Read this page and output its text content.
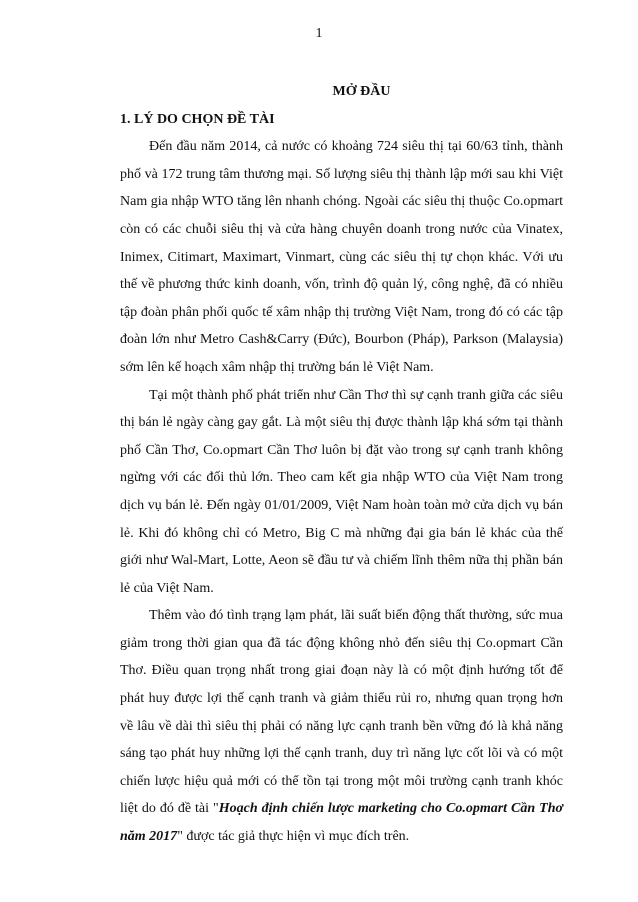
1

MỞ ĐẦU

1. LÝ DO CHỌN ĐỀ TÀI

Đến đầu năm 2014, cả nước có khoảng 724 siêu thị tại 60/63 tỉnh, thành phố và 172 trung tâm thương mại. Số lượng siêu thị thành lập mới sau khi Việt Nam gia nhập WTO tăng lên nhanh chóng. Ngoài các siêu thị thuộc Co.opmart còn có các chuỗi siêu thị và cửa hàng chuyên doanh trong nước của Vinatex, Inimex, Citimart, Maximart, Vinmart, cùng các siêu thị tự chọn khác. Với ưu thế về phương thức kinh doanh, vốn, trình độ quản lý, công nghệ, đã có nhiều tập đoàn phân phối quốc tế xâm nhập thị trường Việt Nam, trong đó có các tập đoàn lớn như Metro Cash&Carry (Đức), Bourbon (Pháp), Parkson (Malaysia) sớm lên kế hoạch xâm nhập thị trường bán lẻ Việt Nam.

Tại một thành phố phát triển như Cần Thơ thì sự cạnh tranh giữa các siêu thị bán lẻ ngày càng gay gắt. Là một siêu thị được thành lập khá sớm tại thành phố Cần Thơ, Co.opmart Cần Thơ luôn bị đặt vào trong sự cạnh tranh không ngừng với các đối thủ lớn. Theo cam kết gia nhập WTO của Việt Nam trong dịch vụ bán lẻ. Đến ngày 01/01/2009, Việt Nam hoàn toàn mở cửa dịch vụ bán lẻ. Khi đó không chỉ có Metro, Big C mà những đại gia bán lẻ khác của thế giới như Wal-Mart, Lotte, Aeon sẽ đầu tư và chiếm lĩnh thêm nữa thị phần bán lẻ của Việt Nam.

Thêm vào đó tình trạng lạm phát, lãi suất biến động thất thường, sức mua giảm trong thời gian qua đã tác động không nhỏ đến siêu thị Co.opmart Cần Thơ. Điều quan trọng nhất trong giai đoạn này là có một định hướng tốt để phát huy được lợi thế cạnh tranh và giảm thiểu rủi ro, nhưng quan trọng hơn về lâu về dài thì siêu thị phải có năng lực cạnh tranh bền vững đó là khả năng sáng tạo phát huy những lợi thế cạnh tranh, duy trì năng lực cốt lõi và có một chiến lược hiệu quả mới có thể tồn tại trong một môi trường cạnh tranh khóc liệt do đó đề tài "Hoạch định chiến lược marketing cho Co.opmart Cần Thơ năm 2017" được tác giả thực hiện vì mục đích trên.
